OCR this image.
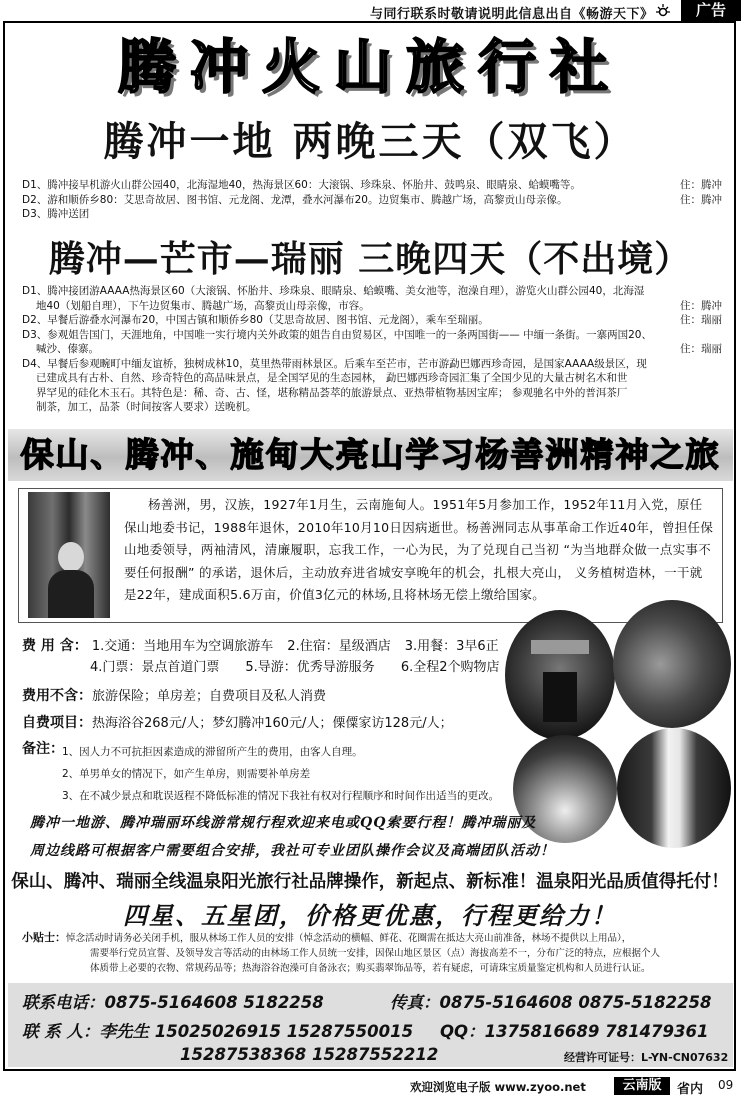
与同行联系时敬请说明此信息出自《畅游天下》	广告
腾冲火山旅行社
腾冲一地 两晚三天（双飞）
D1、腾冲接早机游火山群公园40，北海湿地40，热海景区60：大滚锅、珍珠泉、怀胎井、鼓鸣泉、眼睛泉、蛤蟆嘴等。	住：腾冲
D2、游和顺侨乡80：艾思奇故居、图书馆、元龙阁、龙潭，叠水河瀑布20。边贸集市、腾越广场，高黎贡山母亲像。	住：腾冲
D3、腾冲送团
腾冲—芒市—瑞丽 三晚四天（不出境）
D1、腾冲接团游AAAA热海景区60（大滚锅、怀胎井、珍珠泉、眼睛泉、蛤蟆嘴、美女池等，泡澡自理），游览火山群公园40，北海湿
地40（划船自理），下午边贸集市、腾越广场，高黎贡山母亲像，市容。	住：腾冲
D2、早餐后游叠水河瀑布20，中国古镇和顺侨乡80（艾思奇故居、图书馆、元龙阁），乘车至瑞丽。	住：瑞丽
D3、参观姐告国门，天涯地角，中国唯一实行境内关外政策的姐告自由贸易区，中国唯一的一条两国街—— 中缅一条街。一寨两国20、
喊沙、傣寨。	住：瑞丽
D4、早餐后参观畹町中缅友谊桥，独树成林10，莫里热带雨林景区。后乘车至芒市，芒市游勐巴娜西珍奇园，是国家AAAA级景区，现
已建成具有古朴、自然、珍奇特色的高品味景点，是全国罕见的生态园林， 勐巴娜西珍奇园汇集了全国少见的大量古树名木和世
界罕见的硅化木玉石。其特色是：稀、奇、古、怪，堪称精品荟萃的旅游景点、亚热带植物基因宝库； 参观驰名中外的普洱茶厂
制茶，加工，品茶（时间按客人要求）送晚机。
保山、腾冲、施甸大亮山学习杨善洲精神之旅
杨善洲，男，汉族，1927年1月生，云南施甸人。1951年5月参加工作，1952年11月入党，原任保山地委书记，1988年退休，2010年10月10日因病逝世。杨善洲同志从事革命工作近40年，曾担任保山地委领导，两袖清风，清廉履职，忘我工作，一心为民，为了兑现自己当初 “为当地群众做一点实事不要任何报酬” 的承诺，退休后，主动放弃进省城安享晚年的机会，扎根大亮山， 义务植树造林，一干就是22年，建成面积5.6万亩，价值3亿元的林场,且将林场无偿上缴给国家。
费 用 含： 1.交通：当地用车为空调旅游车 2.住宿：星级酒店 3.用餐：3早6正
4.门票：景点首道门票 5.导游：优秀导游服务 6.全程2个购物店
费用不含：旅游保险；单房差；自费项目及私人消费
自费项目：热海浴谷268元/人；梦幻腾冲160元/人；傈僳家访128元/人；
备注：
1、因人力不可抗拒因素造成的滞留所产生的费用，由客人自理。
2、单男单女的情况下，如产生单房，则需要补单房差
3、在不减少景点和耽误返程不降低标准的情况下我社有权对行程顺序和时间作出适当的更改。
腾冲一地游、腾冲瑞丽环线游常规行程欢迎来电或QQ索要行程！腾冲瑞丽及
周边线路可根据客户需要组合安排，我社可专业团队操作会议及高端团队活动！
保山、腾冲、瑞丽全线温泉阳光旅行社品牌操作，新起点、新标准！温泉阳光品质值得托付！
四星、五星团，价格更优惠，行程更给力！
小贴士：悼念活动时请务必关闭手机，服从林场工作人员的安排（悼念活动的横幅、鲜花、花圈需在抵达大亮山前准备，林场不提供以上用品），
需要举行党员宣誓、及领导发言等活动的由林场工作人员统一安排，因保山地区景区（点）海拔高差不一，分布广泛的特点，应根据个人
体质带上必要的衣物、常规药品等；热海浴谷泡澡可自备泳衣；购买翡翠饰品等，若有疑虑，可请珠宝质量鉴定机构和人员进行认证。
联系电话：0875-5164608 5182258	传真：0875-5164608 0875-5182258
联 系 人：李先生 15025026915 15287550015 QQ：1375816689 781479361
15287538368 15287552212	经营许可证号：L-YN-CN07632
欢迎浏览电子版 www.zyoo.net	云南版	省内 09
